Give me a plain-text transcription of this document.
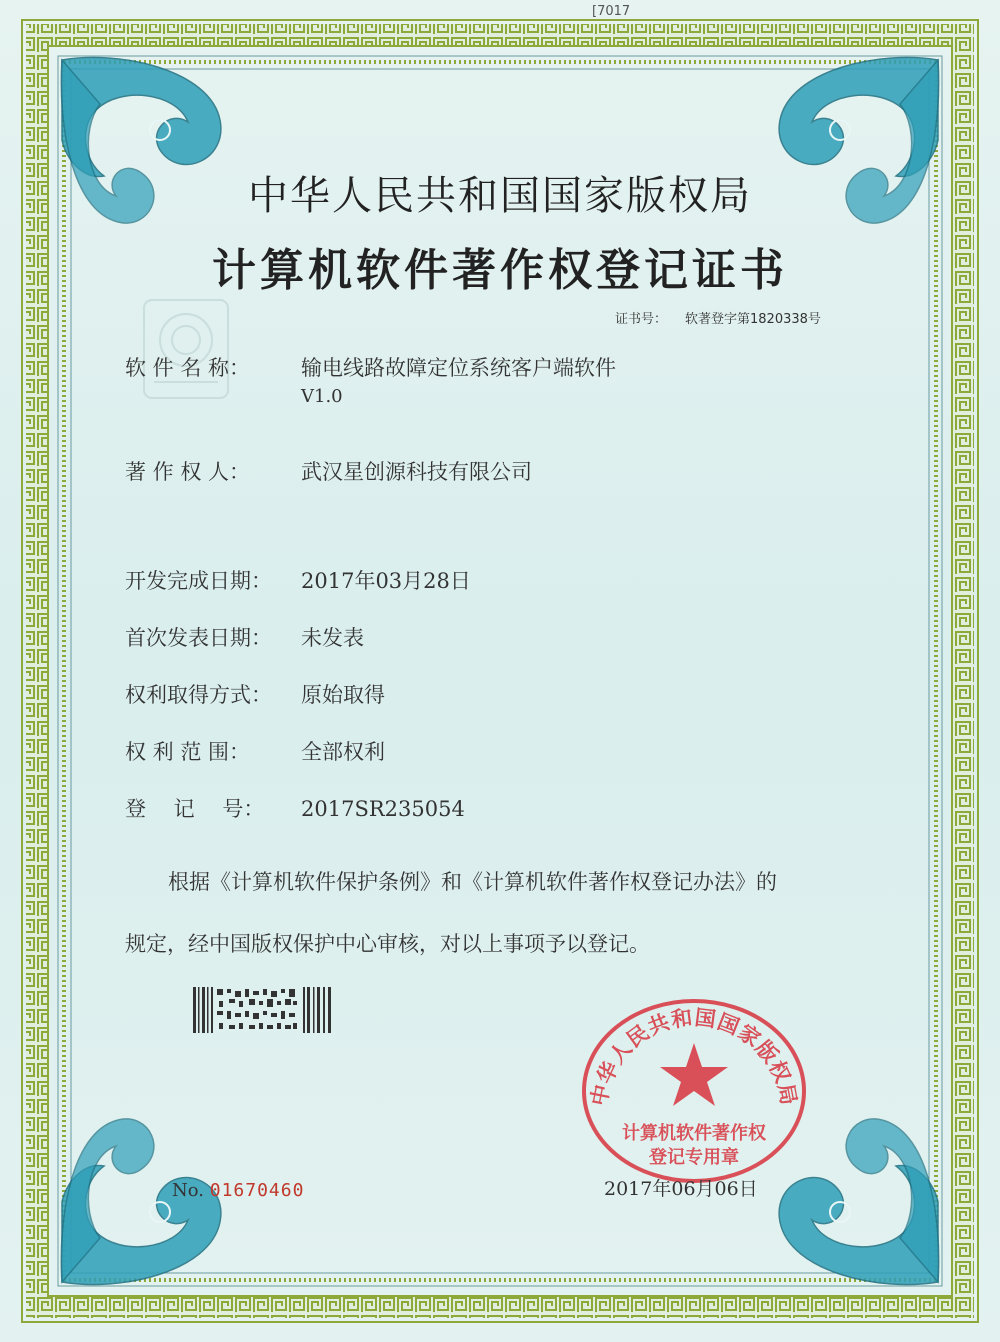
[7017
中华人民共和国国家版权局
计算机软件著作权登记证书
证书号： 软著登字第1820338号
软 件 名 称： 输电线路故障定位系统客户端软件
V1.0
著 作 权 人： 武汉星创源科技有限公司
开发完成日期： 2017年03月28日
首次发表日期： 未发表
权利取得方式： 原始取得
权 利 范 围： 全部权利
登　 记　 号： 2017SR235054
根据《计算机软件保护条例》和《计算机软件著作权登记办法》的
规定，经中国版权保护中心审核，对以上事项予以登记。
中华人民共和国国家版权局
计算机软件著作权
登记专用章
No. 01670460	2017年06月06日
